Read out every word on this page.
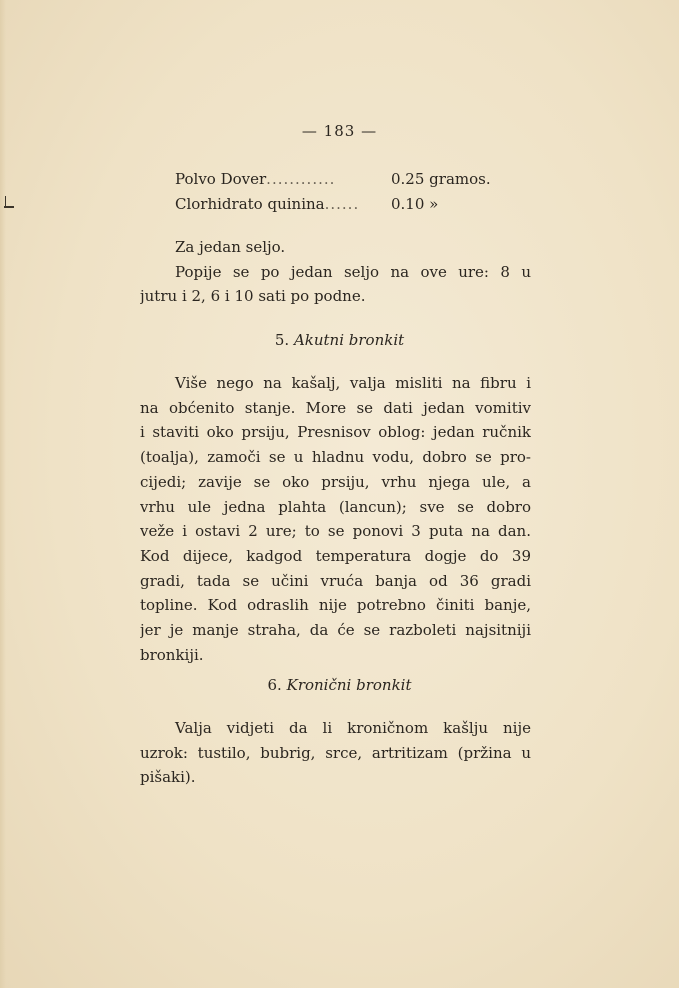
— 183 —
Polvo Dover............	0.25 gramos.
Clorhidrato quinina...... 0.10 »
Za jedan seljo.
Popije se po jedan seljo na ove ure: 8 u
jutru i 2, 6 i 10 sati po podne.
5. Akutni bronkit
Više nego na kašalj, valja misliti na fibru i
na obćenito stanje. More se dati jedan vomitiv
i staviti oko prsiju, Presnisov oblog: jedan ručnik
(toalja), zamoči se u hladnu vodu, dobro se pro-
cijedi; zavije se oko prsiju, vrhu njega ule, a
vrhu ule jedna plahta (lancun); sve se dobro
veže i ostavi 2 ure; to se ponovi 3 puta na dan.
Kod dijece, kadgod temperatura dogje do 39
gradi, tada se učini vruća banja od 36 gradi
topline. Kod odraslih nije potrebno činiti banje,
jer je manje straha, da će se razboleti najsitniji
bronkiji.
6. Kronični bronkit
Valja vidjeti da li kroničnom kašlju nije
uzrok: tustilo, bubrig, srce, artritizam (pržina u
pišaki).
